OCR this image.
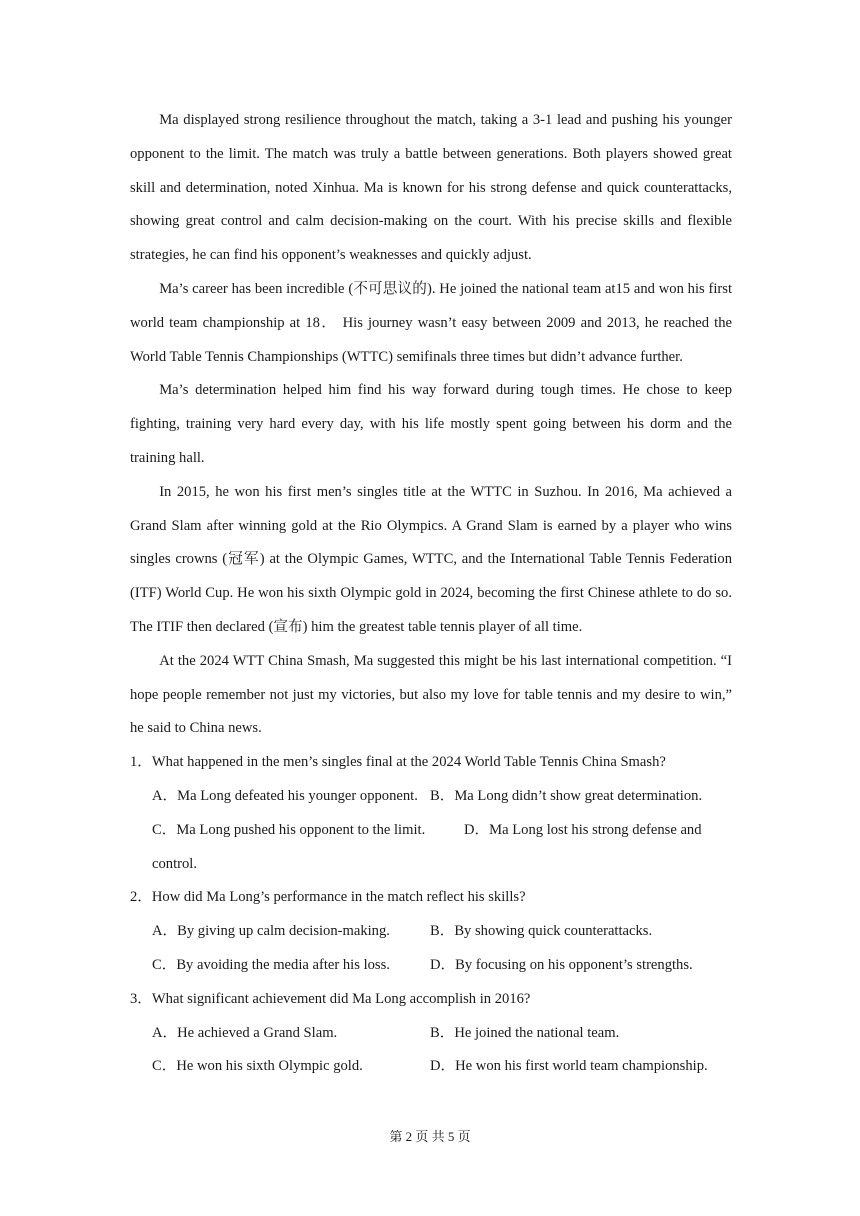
Ma displayed strong resilience throughout the match, taking a 3-1 lead and pushing his younger opponent to the limit. The match was truly a battle between generations. Both players showed great skill and determination, noted Xinhua. Ma is known for his strong defense and quick counterattacks, showing great control and calm decision-making on the court. With his precise skills and flexible strategies, he can find his opponent’s weaknesses and quickly adjust.

Ma’s career has been incredible (不可思议的). He joined the national team at15 and won his first world team championship at 18． His journey wasn’t easy between 2009 and 2013, he reached the World Table Tennis Championships (WTTC) semifinals three times but didn’t advance further.

Ma’s determination helped him find his way forward during tough times. He chose to keep fighting, training very hard every day, with his life mostly spent going between his dorm and the training hall.

In 2015, he won his first men’s singles title at the WTTC in Suzhou. In 2016, Ma achieved a Grand Slam after winning gold at the Rio Olympics. A Grand Slam is earned by a player who wins singles crowns (冠军) at the Olympic Games, WTTC, and the International Table Tennis Federation (ITF) World Cup. He won his sixth Olympic gold in 2024, becoming the first Chinese athlete to do so. The ITIF then declared (宣布) him the greatest table tennis player of all time.

At the 2024 WTT China Smash, Ma suggested this might be his last international competition. “I hope people remember not just my victories, but also my love for table tennis and my desire to win,” he said to China news.

1．What happened in the men’s singles final at the 2024 World Table Tennis China Smash?

A．Ma Long defeated his younger opponent. B．Ma Long didn’t show great determination.
C．Ma Long pushed his opponent to the limit.	D．Ma Long lost his strong defense and
control.

2．How did Ma Long’s performance in the match reflect his skills?

A．By giving up calm decision-making.	B．By showing quick counterattacks.
C．By avoiding the media after his loss.	D．By focusing on his opponent’s strengths.

3．What significant achievement did Ma Long accomplish in 2016?

A．He achieved a Grand Slam.	B．He joined the national team.
C．He won his sixth Olympic gold.	D．He won his first world team championship.
第 2 页 共 5 页
